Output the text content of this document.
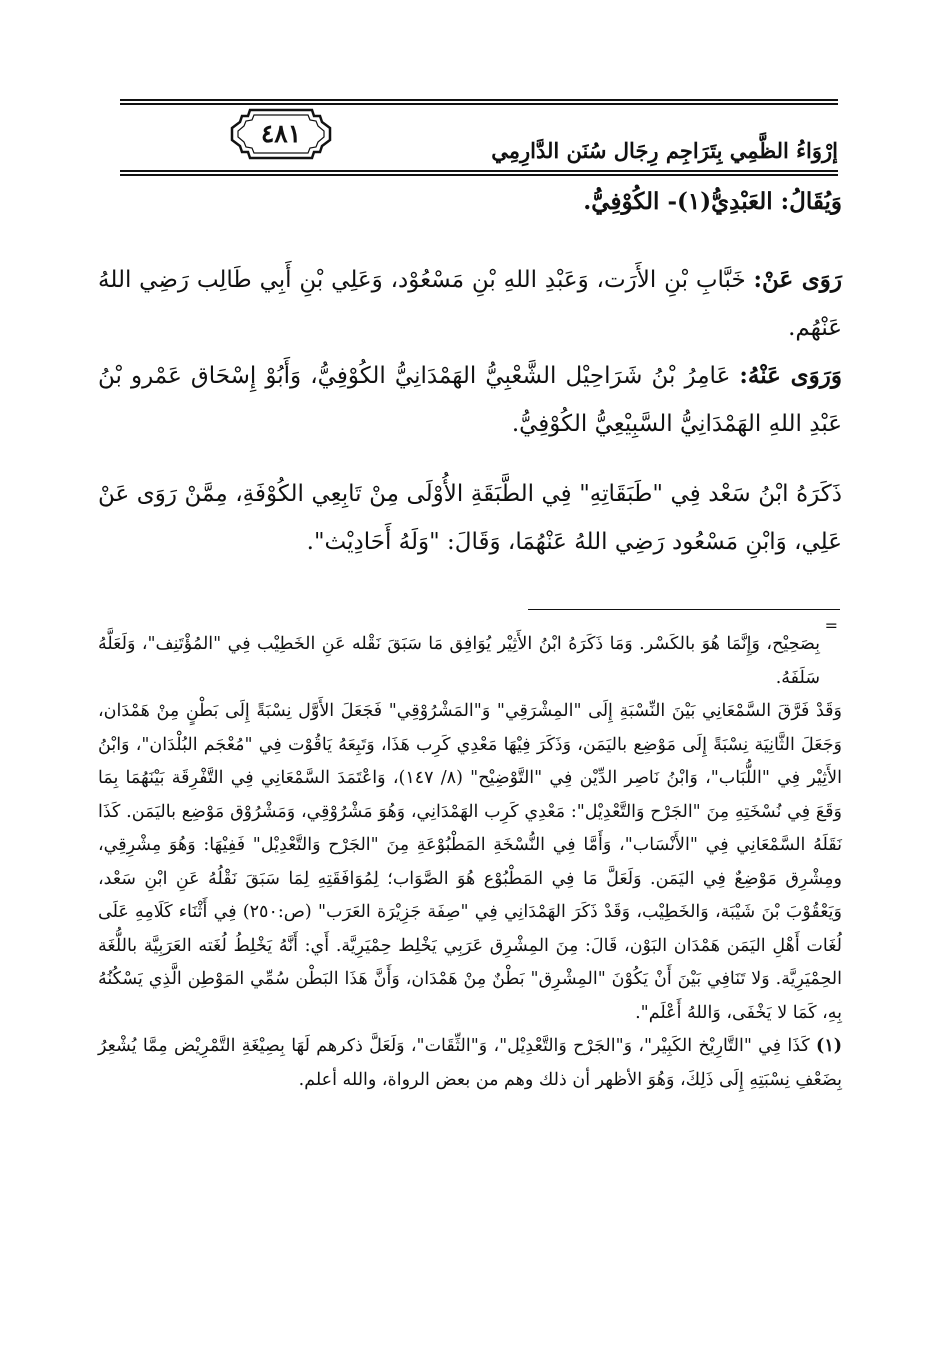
٤٨١
إرْوَاءُ الظَّمِي بِتَرَاجِم رِجَال سُنَن الدَّارِمِي
وَيُقَالُ: العَبْدِيُّ(١)- الكُوْفِيُّ.
رَوَى عَنْ: خَبَّابِ بْنِ الأَرَت، وَعَبْدِ اللهِ بْنِ مَسْعُوْد، وَعَلِي بْنِ أَبِي طَالِب رَضِي اللهُ عَنْهُم.
وَرَوَى عَنْهُ: عَامِرُ بْنُ شَرَاحِيْل الشَّعْبِيُّ الهَمْدَانِيُّ الكُوْفِيُّ، وَأَبُوْ إِسْحَاق عَمْرو بْنُ عَبْدِ اللهِ الهَمْدَانِيُّ السَّبِيْعِيُّ الكُوْفِيُّ.
ذَكَرَهُ ابْنُ سَعْد فِي "طَبَقَاتِهِ" فِي الطَّبَقَةِ الأُوْلَى مِنْ تَابِعِي الكُوْفَةِ، مِمَّنْ رَوَى عَنْ عَلِي، وَابْنِ مَسْعُود رَضِي اللهُ عَنْهُمَا، وَقَالَ: "وَلَهُ أَحَادِيْث".
=

بِصَحِيْح، وَإِنَّمَا هُوَ بالكَسْر. وَمَا ذَكَرَهُ ابْنُ الأَثِيْر يُوَافِق مَا سَبَقَ نَقْله عَنِ الخَطِيْب فِي "المُؤْتَنِف"، وَلَعَلَّهُ سَلَفَهُ.

وَقَدْ فَرَّقَ السَّمْعَانِي بَيْنَ النِّسْبَةِ إِلَى "المِشْرَقِي" وَ"المَشْرُوْقِي" فَجَعَلَ الأَوَّل نِسْبَةً إِلَى بَطْنٍ مِنْ هَمْدَان، وَجَعَلَ الثَّانِيَة نِسْبَةً إِلَى مَوْضِع باليَمَن، وَذَكَرَ فِيْهَا مَعْدِي كَرِب هَذَا، وَتَبِعَهُ يَاقُوْت فِي "مُعْجَم البُلْدَان"، وَابْنُ الأَثِيْر فِي "اللُّبَاب"، وَابْنُ نَاصِر الدِّيْن فِي "التَّوْضِيْح" (٨/ ١٤٧)، وَاعْتَمَدَ السَّمْعَانِي فِي التَّفْرِقَة بَيْنَهُمَا بِمَا وَقَعَ فِي نُسْخَتِهِ مِنَ "الجَرْح وَالتَّعْدِيْل": مَعْدِي كَرِب الهَمْدَانِي، وَهُوَ مَشْرُوْقِي، وَمَشْرُوْق مَوْضِع باليَمَن. كَذَا نَقَلَهُ السَّمْعَانِي فِي "الأَنْسَاب"، وَأَمَّا فِي النُّسْخَةِ المَطْبُوْعَةِ مِنَ "الجَرْح وَالتَّعْدِيْل" فَفِيْهَا: وَهُوَ مِشْرِقِي، ومِشْرِق مَوْضِعٌ فِي اليَمَن. وَلَعَلَّ مَا فِي المَطْبُوْع هُوَ الصَّوَاب؛ لِمُوَافَقَتِهِ لِمَا سَبَقَ نَقْلُهُ عَنِ ابْنِ سَعْد، وَيَعْقُوْبَ بْنَ شَيْبَة، وَالخَطِيْب، وَقَدْ ذَكَرَ الهَمْدَانِي فِي "صِفَة جَزِيْرَة العَرَب" (ص:٢٥٠) فِي أَثْنَاء كَلَامِهِ عَلَى لُغَات أَهْلِ اليَمَن هَمْدَان البَوْن، قَالَ: مِنَ المِشْرِق عَرَبِي يَخْلِط حِمْيَرِيَّة. أَي: أَنَّهُ يَخْلِطُ لُغَته العَرَبِيَّة باللُّغَة الحِمْيَرِيَّة. وَلا تَنَافِي بَيْنَ أَنْ يَكُوْنَ "المِشْرِق" بَطْنٌ مِنْ هَمْدَان، وَأَنَّ هَذَا البَطْن سُمِّي المَوْطِن الَّذِي يَسْكُنُهُ بِهِ، كَمَا لا يَخْفَى، وَاللهُ أَعْلَم".

(١) كَذَا فِي "التَّارِيْخ الكَبِيْر"، وَ"الجَرْح وَالتَّعْدِيْل"، وَ"الثِّقَات"، وَلَعَلَّ ذكرهم لَهَا بِصِيْغَةِ التَّمْرِيْض مِمَّا يُشْعِرُ بِضَعْفِ نِسْبَتِهِ إِلَى ذَلِكَ، وَهُوَ الأظهر أن ذلك وهم من بعض الرواة، والله أعلم.
